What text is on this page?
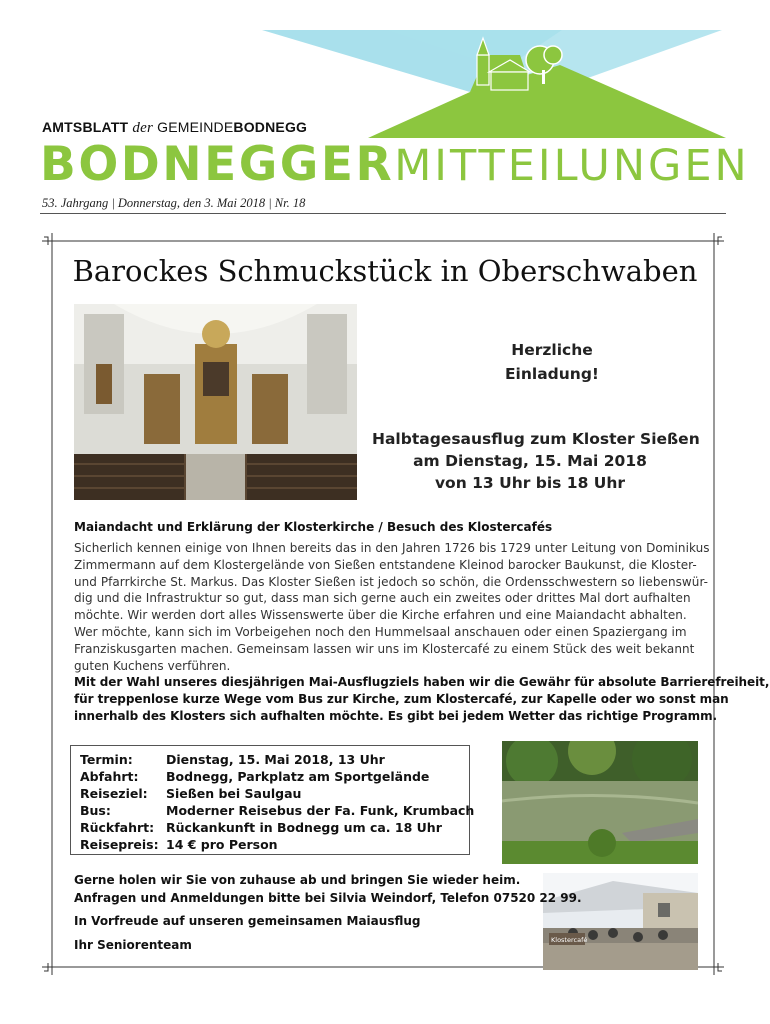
AMTSBLATT der GEMEINDEBODNEGG
BODNEGGERMITTEILUNGEN
53. Jahrgang | Donnerstag, den 3. Mai 2018 | Nr. 18
Barockes Schmuckstück in Oberschwaben
Herzliche
Einladung!
Halbtagesausflug zum Kloster Sießen
am Dienstag, 15. Mai 2018
von 13 Uhr bis 18 Uhr
Maiandacht und Erklärung der Klosterkirche / Besuch des Klostercafés
Sicherlich kennen einige von Ihnen bereits das in den Jahren 1726 bis 1729 unter Leitung von Dominikus
Zimmermann auf dem Klostergelände von Sießen entstandene Kleinod barocker Baukunst, die Kloster-
und Pfarrkirche St. Markus. Das Kloster Sießen ist jedoch so schön, die Ordensschwestern so liebenswür-
dig und die Infrastruktur so gut, dass man sich gerne auch ein zweites oder drittes Mal dort aufhalten
möchte. Wir werden dort alles Wissenswerte über die Kirche erfahren und eine Maiandacht abhalten.
Wer möchte, kann sich im Vorbeigehen noch den Hummelsaal anschauen oder einen Spaziergang im
Franziskusgarten machen. Gemeinsam lassen wir uns im Klostercafé zu einem Stück des weit bekannt
guten Kuchens verführen.
Mit der Wahl unseres diesjährigen Mai-Ausflugziels haben wir die Gewähr für absolute Barrierefreiheit,
für treppenlose kurze Wege vom Bus zur Kirche, zum Klostercafé, zur Kapelle oder wo sonst man
innerhalb des Klosters sich aufhalten möchte. Es gibt bei jedem Wetter das richtige Programm.
Termin:	Dienstag, 15. Mai 2018, 13 Uhr
Abfahrt: Bodnegg, Parkplatz am Sportgelände
Reiseziel: Sießen bei Saulgau
Bus:	Moderner Reisebus der Fa. Funk, Krumbach
Rückfahrt: Rückankunft in Bodnegg um ca. 18 Uhr
Reisepreis: 14 € pro Person
Klostercafé
Gerne holen wir Sie von zuhause ab und bringen Sie wieder heim.
Anfragen und Anmeldungen bitte bei Silvia Weindorf, Telefon 07520 22 99.
In Vorfreude auf unseren gemeinsamen Maiausflug
Ihr Seniorenteam
